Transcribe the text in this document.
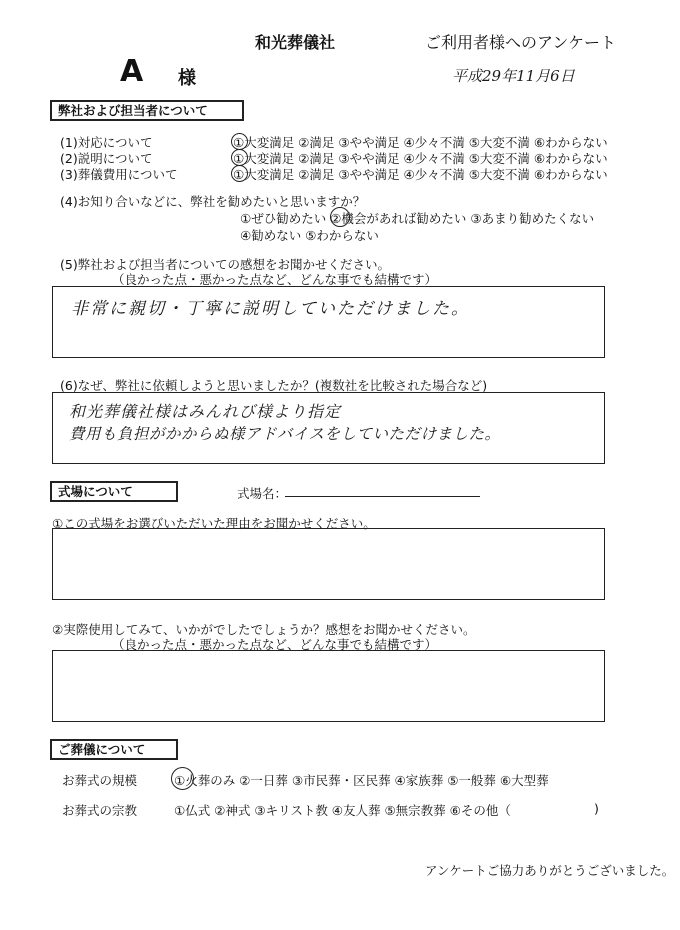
和光葬儀社	ご利用者様へのアンケート
A 様	平成29年11月6日
弊社および担当者について
(1)対応について	①大変満足 ②満足 ③やや満足 ④少々不満 ⑤大変不満 ⑥わからない
(2)説明について	①大変満足 ②満足 ③やや満足 ④少々不満 ⑤大変不満 ⑥わからない
(3)葬儀費用について	①大変満足 ②満足 ③やや満足 ④少々不満 ⑤大変不満 ⑥わからない
(4)お知り合いなどに、弊社を勧めたいと思いますか？
①ぜひ勧めたい ②機会があれば勧めたい ③あまり勧めたくない
④勧めない ⑤わからない
(5)弊社および担当者についての感想をお聞かせください。
（良かった点・悪かった点など、どんな事でも結構です）
非常に親切・丁寧に説明していただけました。
(6)なぜ、弊社に依頼しようと思いましたか？(複数社を比較された場合など)
和光葬儀社様はみんれび様より指定
費用も負担がかからぬ様アドバイスをしていただけました。
式場について	式場名：
①この式場をお選びいただいた理由をお聞かせください。
②実際使用してみて、いかがでしたでしょうか？感想をお聞かせください。
（良かった点・悪かった点など、どんな事でも結構です）
ご葬儀について
お葬式の規模	①火葬のみ ②一日葬 ③市民葬・区民葬 ④家族葬 ⑤一般葬 ⑥大型葬
お葬式の宗教	①仏式 ②神式 ③キリスト教 ④友人葬 ⑤無宗教葬 ⑥その他（	)
アンケートご協力ありがとうございました。
